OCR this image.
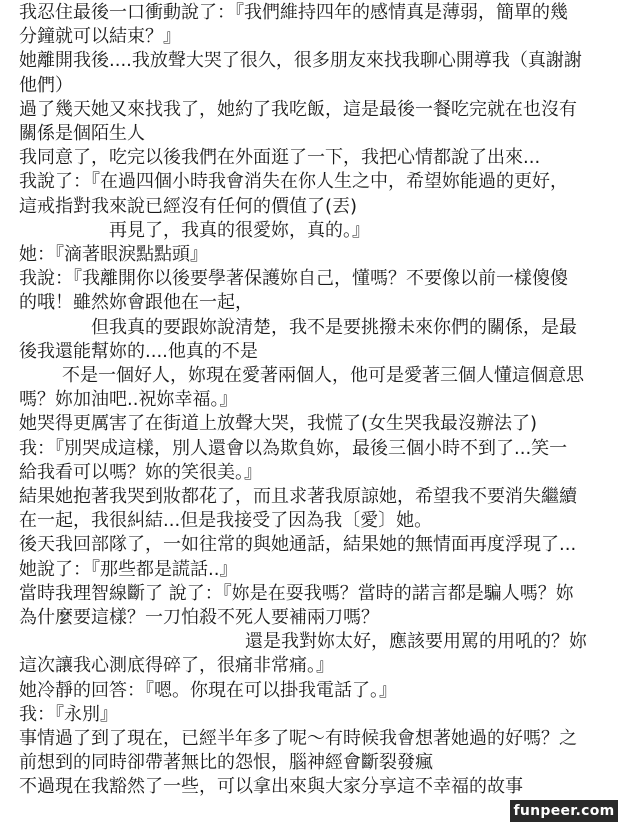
我忍住最後一口衝動說了：『我們維持四年的感情真是薄弱，簡單的幾
分鐘就可以結束？』
她離開我後....我放聲大哭了很久，很多朋友來找我聊心開導我（真謝謝
他們）
過了幾天她又來找我了，她約了我吃飯，這是最後一餐吃完就在也沒有
關係是個陌生人
我同意了，吃完以後我們在外面逛了一下，我把心情都說了出來...
我說了：『在過四個小時我會消失在你人生之中，希望妳能過的更好，
這戒指對我來說已經沒有任何的價值了(丟)
再見了，我真的很愛妳，真的。』
她：『滴著眼淚點點頭』
我說：『我離開你以後要學著保護妳自己，懂嗎？不要像以前一樣傻傻
的哦！雖然妳會跟他在一起，
但我真的要跟妳說清楚，我不是要挑撥未來你們的關係，是最
後我還能幫妳的....他真的不是
不是一個好人，妳現在愛著兩個人，他可是愛著三個人懂這個意思
嗎？妳加油吧..祝妳幸福。』
她哭得更厲害了在街道上放聲大哭，我慌了(女生哭我最沒辦法了)
我：『別哭成這樣，別人還會以為欺負妳，最後三個小時不到了...笑一
給我看可以嗎？妳的笑很美。』
結果她抱著我哭到妝都花了，而且求著我原諒她，希望我不要消失繼續
在一起，我很糾結...但是我接受了因為我〔愛〕她。
後天我回部隊了，一如往常的與她通話，結果她的無情面再度浮現了...
她說了：『那些都是謊話..』
當時我理智線斷了 說了：『妳是在耍我嗎？當時的諾言都是騙人嗎？妳
為什麼要這樣？一刀怕殺不死人要補兩刀嗎？
還是我對妳太好，應該要用罵的用吼的？妳
這次讓我心測底得碎了，很痛非常痛。』
她冷靜的回答：『嗯。你現在可以掛我電話了。』
我：『永別』
事情過了到了現在，已經半年多了呢～有時候我會想著她過的好嗎？之
前想到的同時卻帶著無比的怨恨，腦神經會斷裂發瘋
不過現在我豁然了一些，可以拿出來與大家分享這不幸福的故事
funpeer.com
